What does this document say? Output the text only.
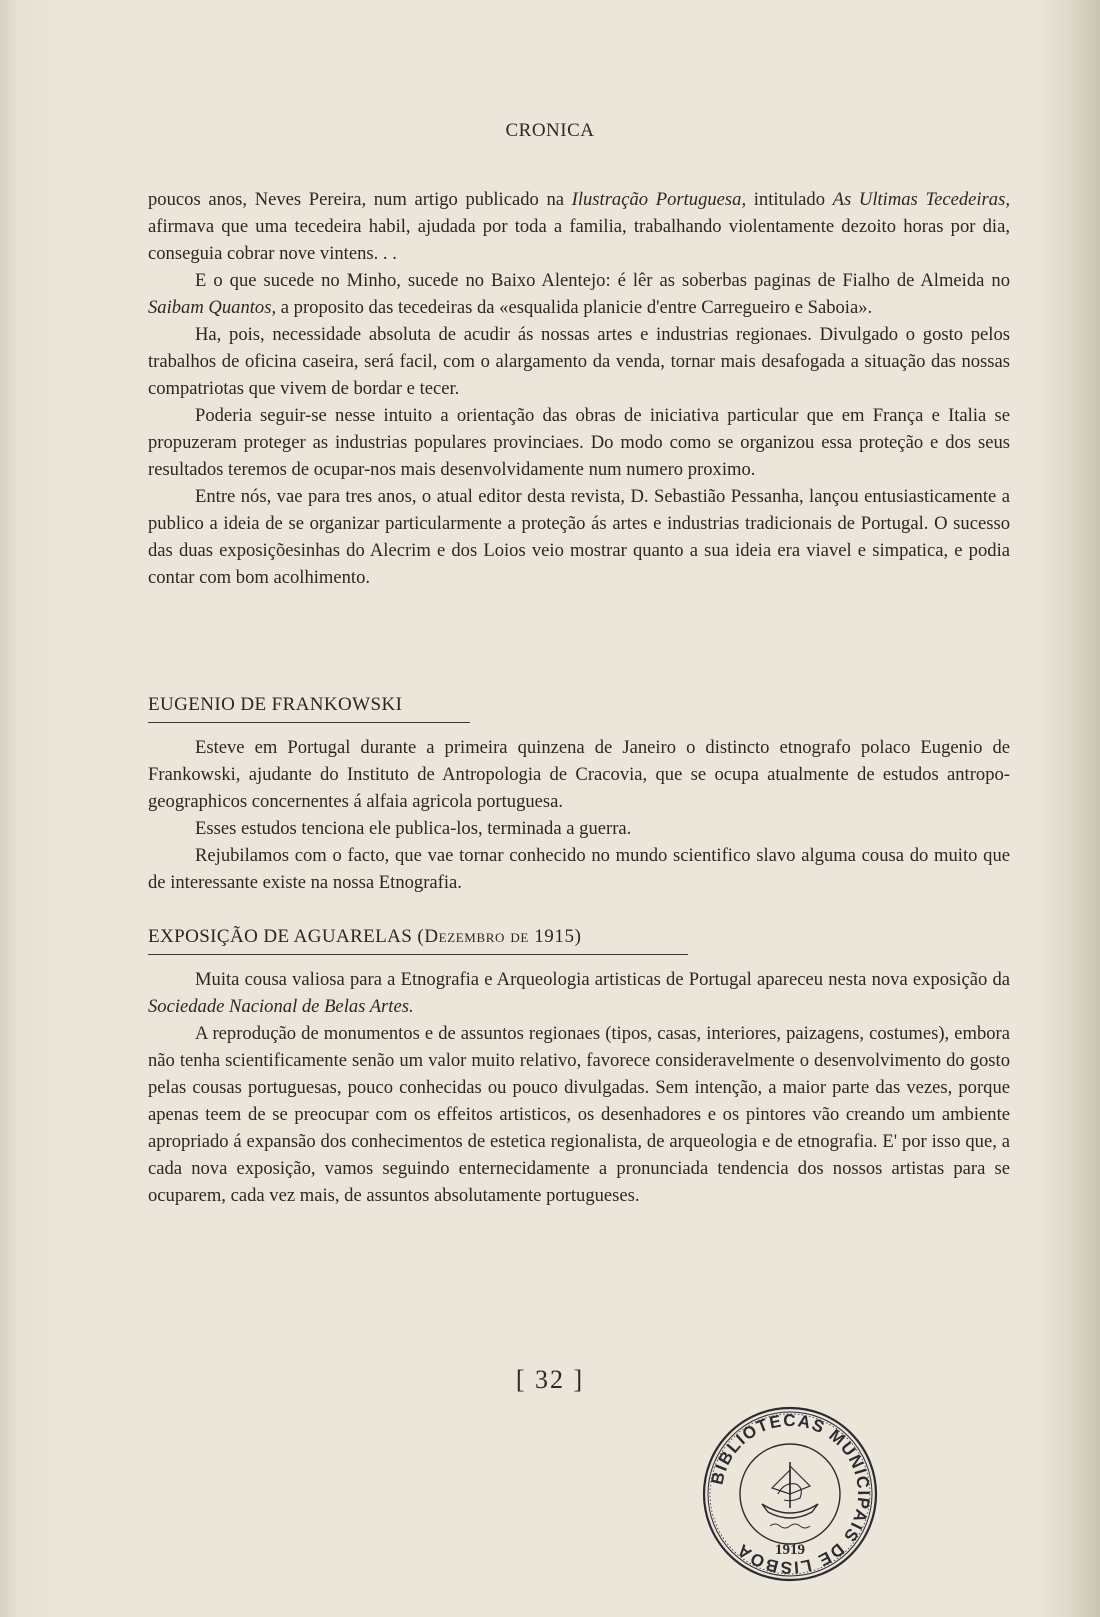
CRONICA

poucos anos, Neves Pereira, num artigo publicado na Ilustração Portuguesa, intitulado As Ultimas Tecedeiras, afirmava que uma tecedeira habil, ajudada por toda a familia, trabalhando violentamente dezoito horas por dia, conseguia cobrar nove vintens. . .

E o que sucede no Minho, sucede no Baixo Alentejo: é lêr as soberbas paginas de Fialho de Almeida no Saibam Quantos, a proposito das tecedeiras da «esqualida planicie d'entre Carregueiro e Saboia».

Ha, pois, necessidade absoluta de acudir ás nossas artes e industrias regionaes. Divulgado o gosto pelos trabalhos de oficina caseira, será facil, com o alargamento da venda, tornar mais desafogada a situação das nossas compatriotas que vivem de bordar e tecer.

Poderia seguir-se nesse intuito a orientação das obras de iniciativa particular que em França e Italia se propuzeram proteger as industrias populares provinciaes. Do modo como se organizou essa proteção e dos seus resultados teremos de ocupar-nos mais desenvolvidamente num numero proximo.

Entre nós, vae para tres anos, o atual editor desta revista, D. Sebastião Pessanha, lançou entusiasticamente a publico a ideia de se organizar particularmente a proteção ás artes e industrias tradicionais de Portugal. O sucesso das duas exposiçõesinhas do Alecrim e dos Loios veio mostrar quanto a sua ideia era viavel e simpatica, e podia contar com bom acolhimento.

EUGENIO DE FRANKOWSKI

Esteve em Portugal durante a primeira quinzena de Janeiro o distincto etnografo polaco Eugenio de Frankowski, ajudante do Instituto de Antropologia de Cracovia, que se ocupa atualmente de estudos antropo-geographicos concernentes á alfaia agricola portuguesa.

Esses estudos tenciona ele publica-los, terminada a guerra.

Rejubilamos com o facto, que vae tornar conhecido no mundo scientifico slavo alguma cousa do muito que de interessante existe na nossa Etnografia.

EXPOSIÇÃO DE AGUARELAS (Dezembro de 1915)

Muita cousa valiosa para a Etnografia e Arqueologia artisticas de Portugal apareceu nesta nova exposição da Sociedade Nacional de Belas Artes.

A reprodução de monumentos e de assuntos regionaes (tipos, casas, interiores, paizagens, costumes), embora não tenha scientificamente senão um valor muito relativo, favorece consideravelmente o desenvolvimento do gosto pelas cousas portuguesas, pouco conhecidas ou pouco divulgadas. Sem intenção, a maior parte das vezes, porque apenas teem de se preocupar com os effeitos artisticos, os desenhadores e os pintores vão creando um ambiente apropriado á expansão dos conhecimentos de estetica regionalista, de arqueologia e de etnografia. E' por isso que, a cada nova exposição, vamos seguindo enternecidamente a pronunciada tendencia dos nossos artistas para se ocuparem, cada vez mais, de assuntos absolutamente portugueses.

[ 32 ]
BIBLIOTECAS MUNICIPAIS DE LISBOA	1919
